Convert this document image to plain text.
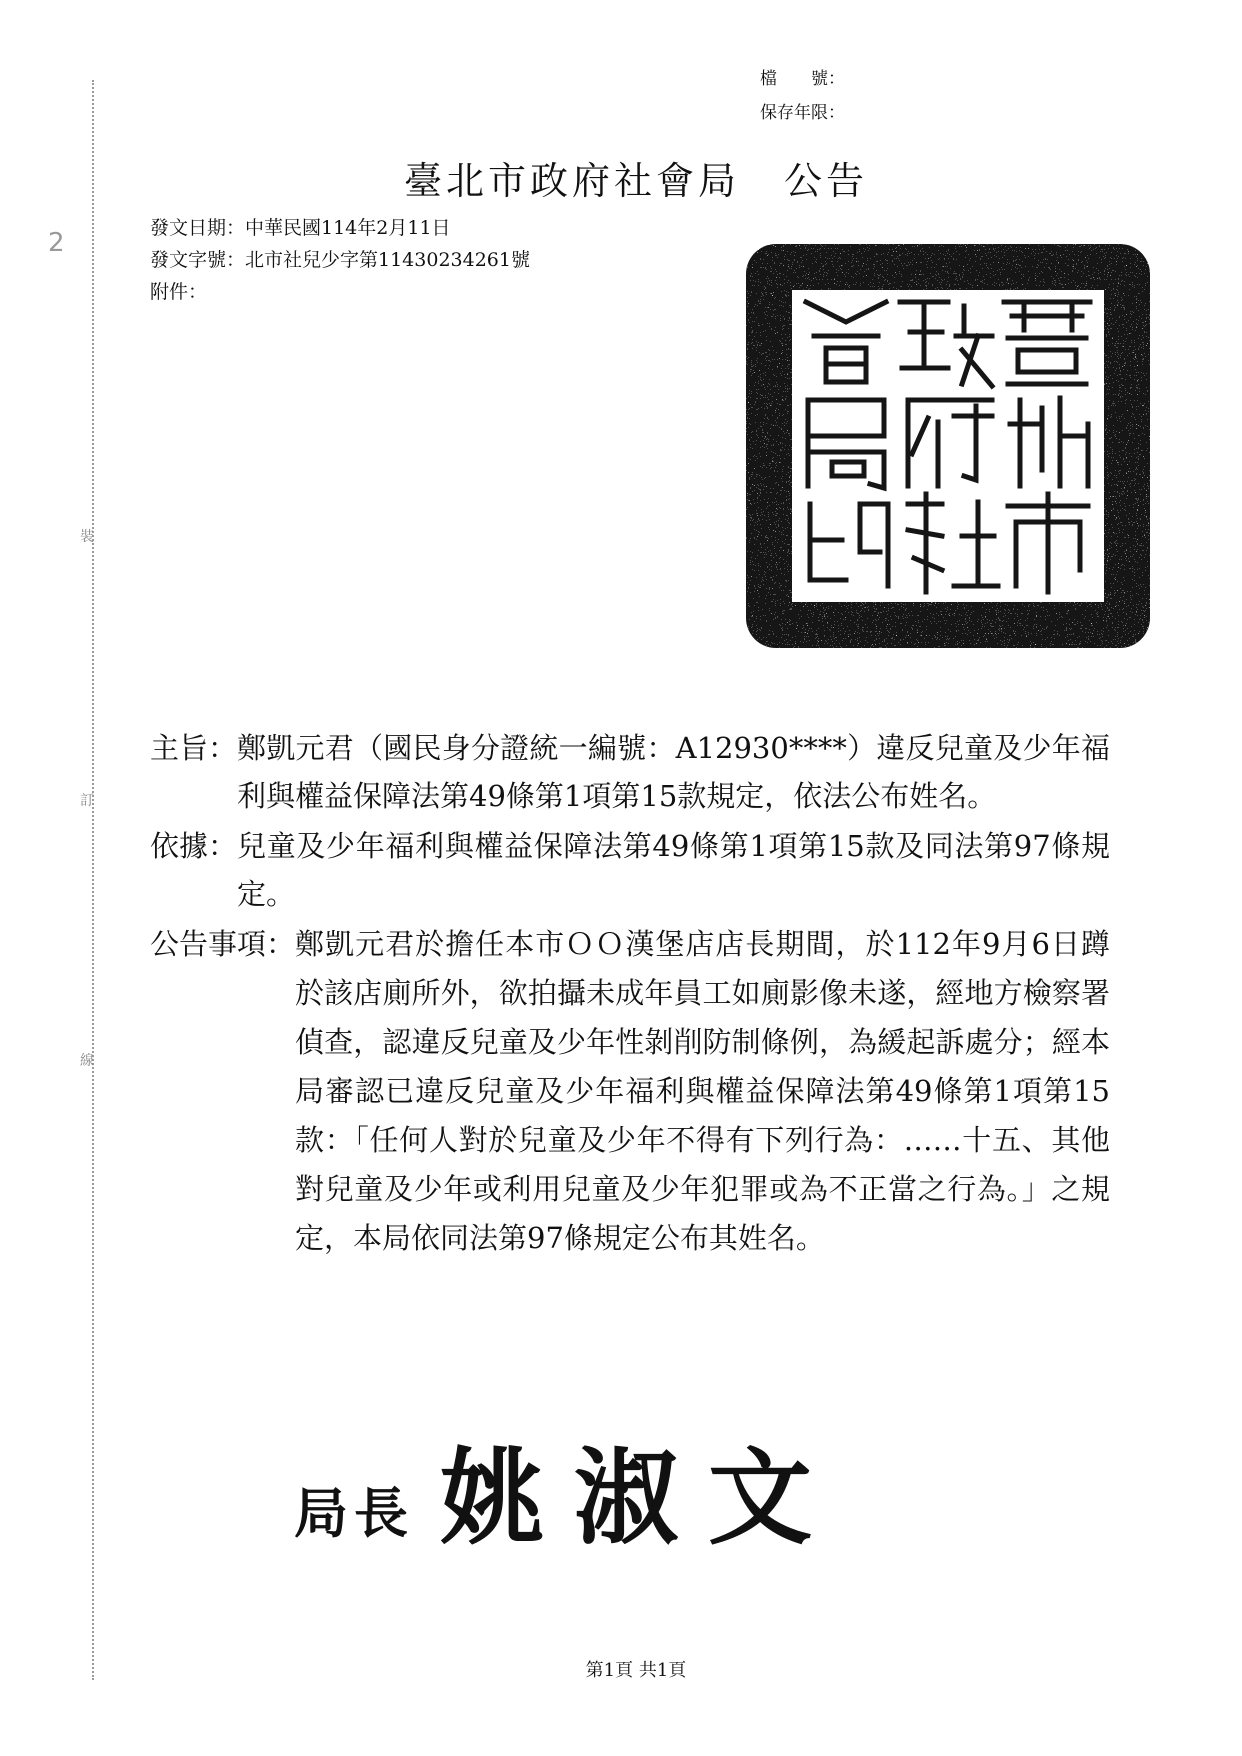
裝
訂
線
2
檔　　號：
保存年限：
臺北市政府社會局 公告
發文日期：中華民國114年2月11日
發文字號：北市社兒少字第11430234261號
附件：
主旨： 鄭凱元君（國民身分證統一編號：A12930****）違反兒童及少年福利與權益保障法第49條第1項第15款規定，依法公布姓名。
依據： 兒童及少年福利與權益保障法第49條第1項第15款及同法第97條規定。
公告事項： 鄭凱元君於擔任本市ＯＯ漢堡店店長期間，於112年9月6日蹲於該店廁所外，欲拍攝未成年員工如廁影像未遂，經地方檢察署偵查，認違反兒童及少年性剝削防制條例，為緩起訴處分；經本局審認已違反兒童及少年福利與權益保障法第49條第1項第15款：「任何人對於兒童及少年不得有下列行為：……十五、其他對兒童及少年或利用兒童及少年犯罪或為不正當之行為。」之規定，本局依同法第97條規定公布其姓名。
局長 姚淑文
第1頁 共1頁
